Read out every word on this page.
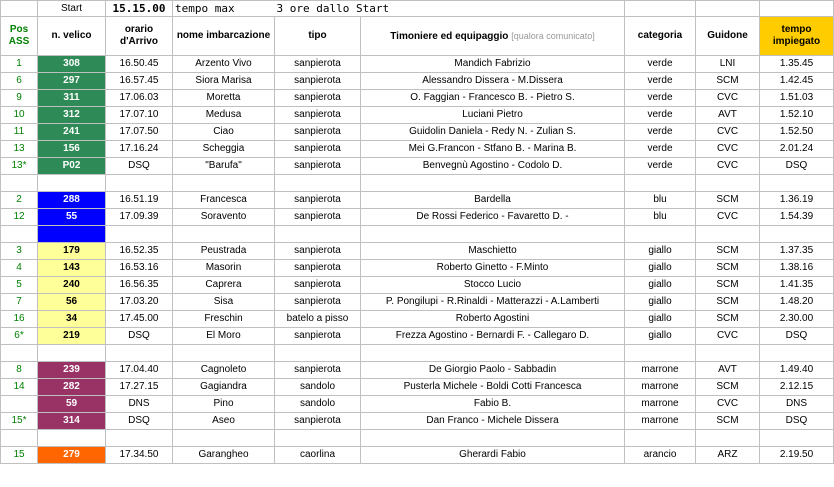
	Start	15.15.00	tempo max	3 ore dallo Start				
Pos ASS	n. velico	orario d'Arrivo	nome imbarcazione	tipo	Timoniere ed equipaggio [qualora comunicato]	categoria	Guidone	tempo impiegato
1	308	16.50.45	Arzento Vivo	sanpierota	Mandich Fabrizio	verde	LNI	1.35.45
6	297	16.57.45	Siora Marisa	sanpierota	Alessandro Dissera - M.Dissera	verde	SCM	1.42.45
9	311	17.06.03	Moretta	sanpierota	O. Faggian - Francesco B. - Pietro S.	verde	CVC	1.51.03
10	312	17.07.10	Medusa	sanpierota	Luciani Pietro	verde	AVT	1.52.10
11	241	17.07.50	Ciao	sanpierota	Guidolin Daniela - Redy N. - Zulian S.	verde	CVC	1.52.50
13	156	17.16.24	Scheggia	sanpierota	Mei G.Francon - Stfano B. - Marina B.	verde	CVC	2.01.24
13*	P02	DSQ	"Barufa"	sanpierota	Benvegnù Agostino - Codolo D.	verde	CVC	DSQ

2	288	16.51.19	Francesca	sanpierota	Bardella	blu	SCM	1.36.19
12	55	17.09.39	Soravento	sanpierota	De Rossi Federico - Favaretto D. -	blu	CVC	1.54.39

3	179	16.52.35	Peustrada	sanpierota	Maschietto	giallo	SCM	1.37.35
4	143	16.53.16	Masorin	sanpierota	Roberto Ginetto - F.Minto	giallo	SCM	1.38.16
5	240	16.56.35	Caprera	sanpierota	Stocco Lucio	giallo	SCM	1.41.35
7	56	17.03.20	Sisa	sanpierota	P. Pongilupi - R.Rinaldi - Matterazzi - A.Lamberti	giallo	SCM	1.48.20
16	34	17.45.00	Freschin	batelo a pisso	Roberto Agostini	giallo	SCM	2.30.00
6*	219	DSQ	El Moro	sanpierota	Frezza Agostino - Bernardi F. - Callegaro D.	giallo	CVC	DSQ

8	239	17.04.40	Cagnoleto	sanpierota	De Giorgio Paolo - Sabbadin	marrone	AVT	1.49.40
14	282	17.27.15	Gagiandra	sandolo	Pusterla Michele - Boldi Cotti Francesca	marrone	SCM	2.12.15
	59	DNS	Pino	sandolo	Fabio B.	marrone	CVC	DNS
15*	314	DSQ	Aseo	sanpierota	Dan Franco - Michele Dissera	marrone	SCM	DSQ

15	279	17.34.50	Garangheo	caorlina	Gherardi Fabio	arancio	ARZ	2.19.50
